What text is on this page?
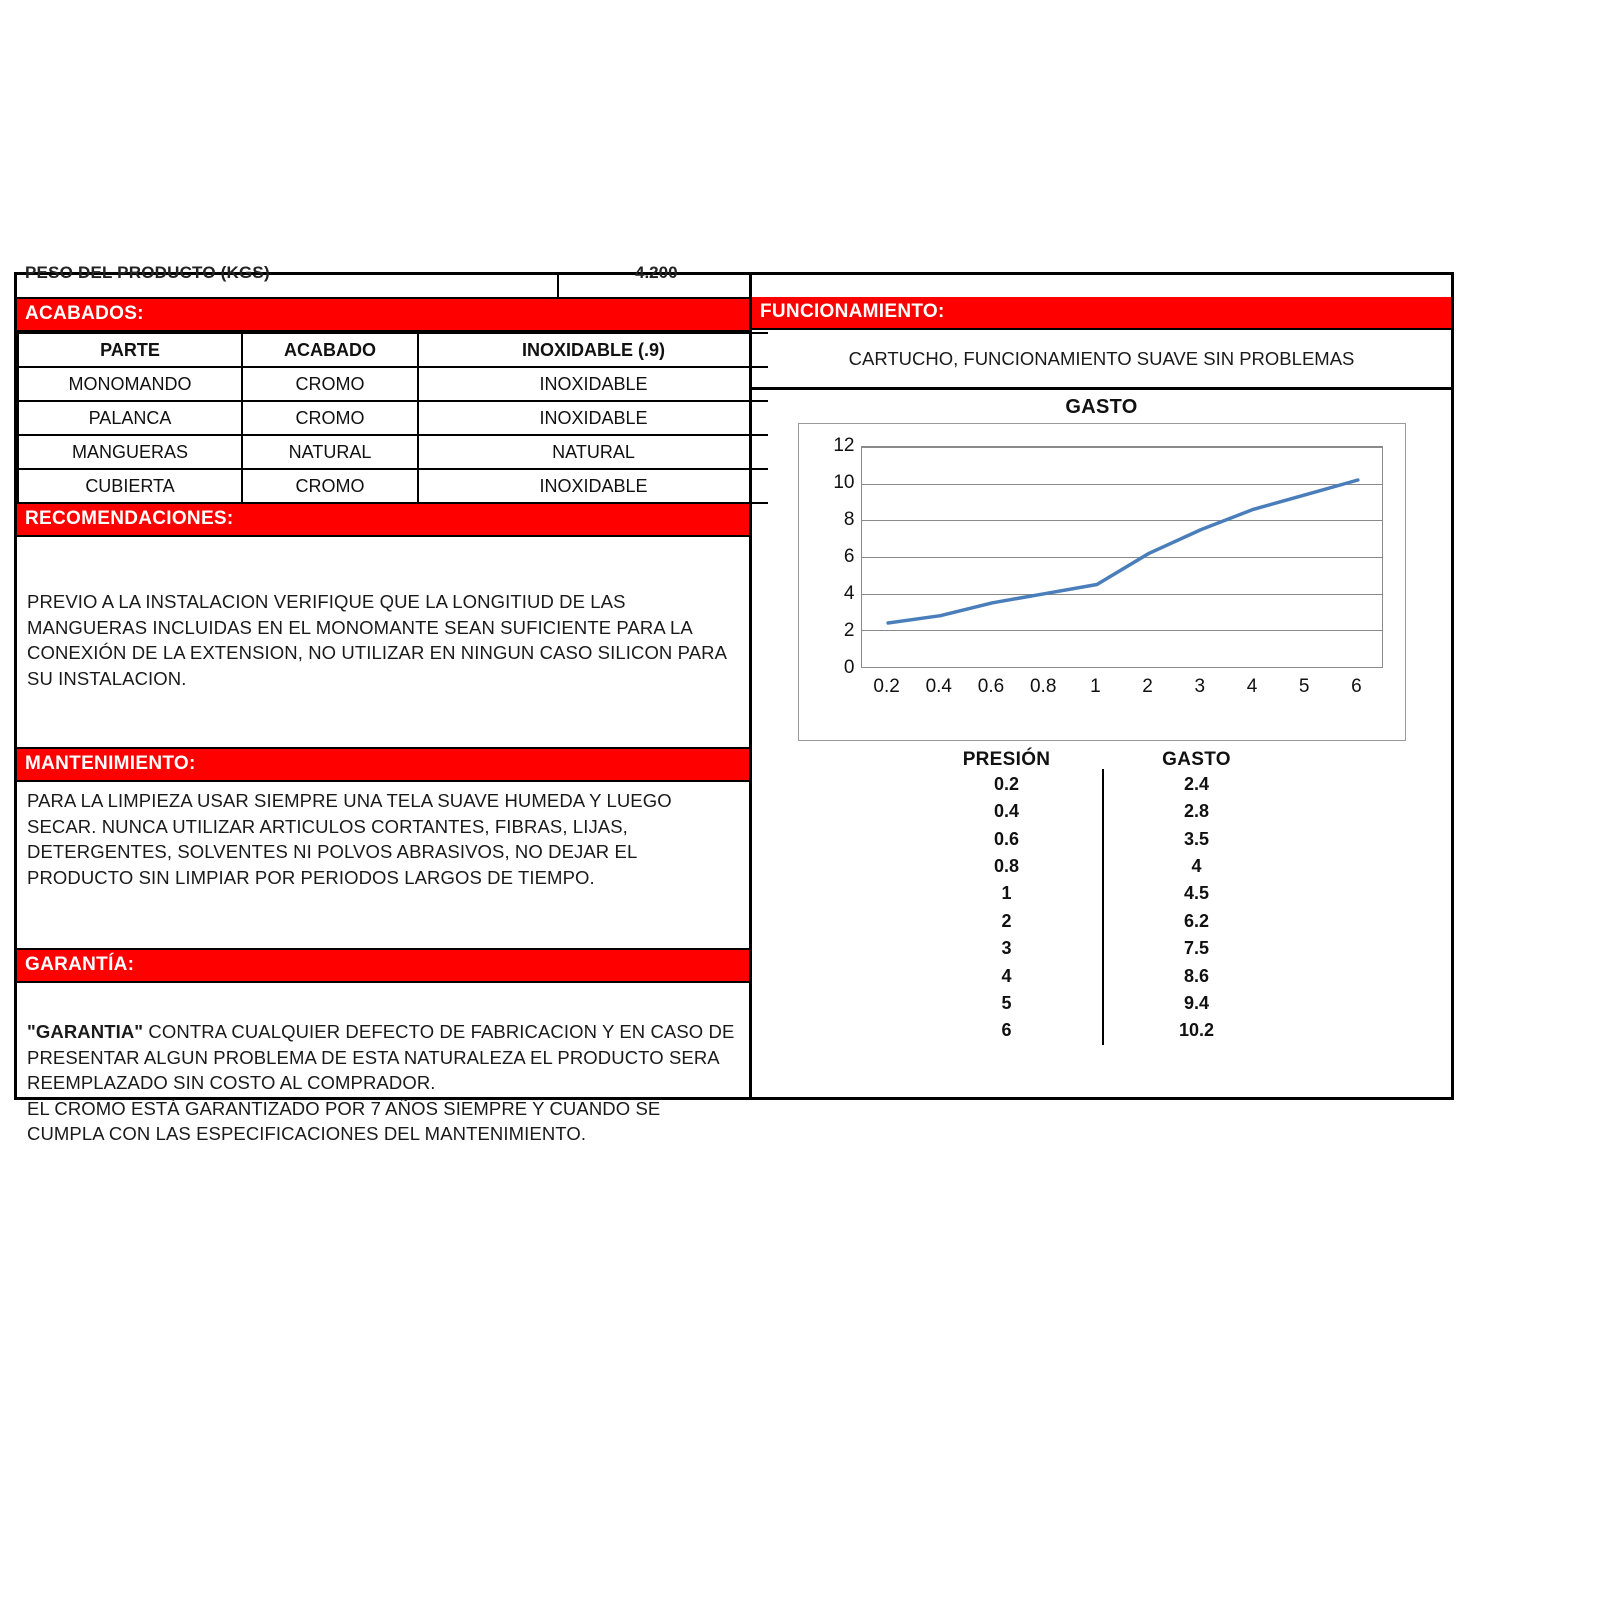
PESO DEL PRODUCTO (KGS)	4.200
ACABADOS:
PARTE	ACABADO	INOXIDABLE (.9)
MONOMANDO	CROMO	INOXIDABLE
PALANCA	CROMO	INOXIDABLE
MANGUERAS	NATURAL	NATURAL
CUBIERTA	CROMO	INOXIDABLE
RECOMENDACIONES:
PREVIO A LA INSTALACION VERIFIQUE QUE LA LONGITIUD DE LAS MANGUERAS INCLUIDAS EN EL MONOMANTE SEAN SUFICIENTE PARA LA CONEXIÓN DE LA EXTENSION, NO UTILIZAR EN NINGUN CASO SILICON PARA SU INSTALACION.
MANTENIMIENTO:
PARA LA LIMPIEZA USAR SIEMPRE UNA TELA SUAVE HUMEDA Y LUEGO SECAR. NUNCA UTILIZAR ARTICULOS CORTANTES, FIBRAS, LIJAS, DETERGENTES, SOLVENTES NI POLVOS ABRASIVOS, NO DEJAR EL PRODUCTO SIN LIMPIAR POR PERIODOS LARGOS DE TIEMPO.
GARANTÍA:

"GARANTIA" CONTRA CUALQUIER DEFECTO DE FABRICACION Y EN CASO DE PRESENTAR ALGUN PROBLEMA DE ESTA NATURALEZA EL PRODUCTO SERA REEMPLAZADO SIN COSTO AL COMPRADOR.

EL CROMO ESTÁ GARANTIZADO POR 7 AÑOS SIEMPRE Y CUANDO SE CUMPLA CON LAS ESPECIFICACIONES DEL MANTENIMIENTO.

FUNCIONAMIENTO:
CARTUCHO, FUNCIONAMIENTO SUAVE SIN PROBLEMAS
GASTO
12
10
8
6
4
2
0
0.2 0.4 0.6 0.8 1 2 3 4 5 6
PRESIÓN	GASTO
0.2	2.4
0.4	2.8
0.6	3.5
0.8	4
1	4.5
2	6.2
3	7.5
4	8.6
5	9.4
6	10.2
